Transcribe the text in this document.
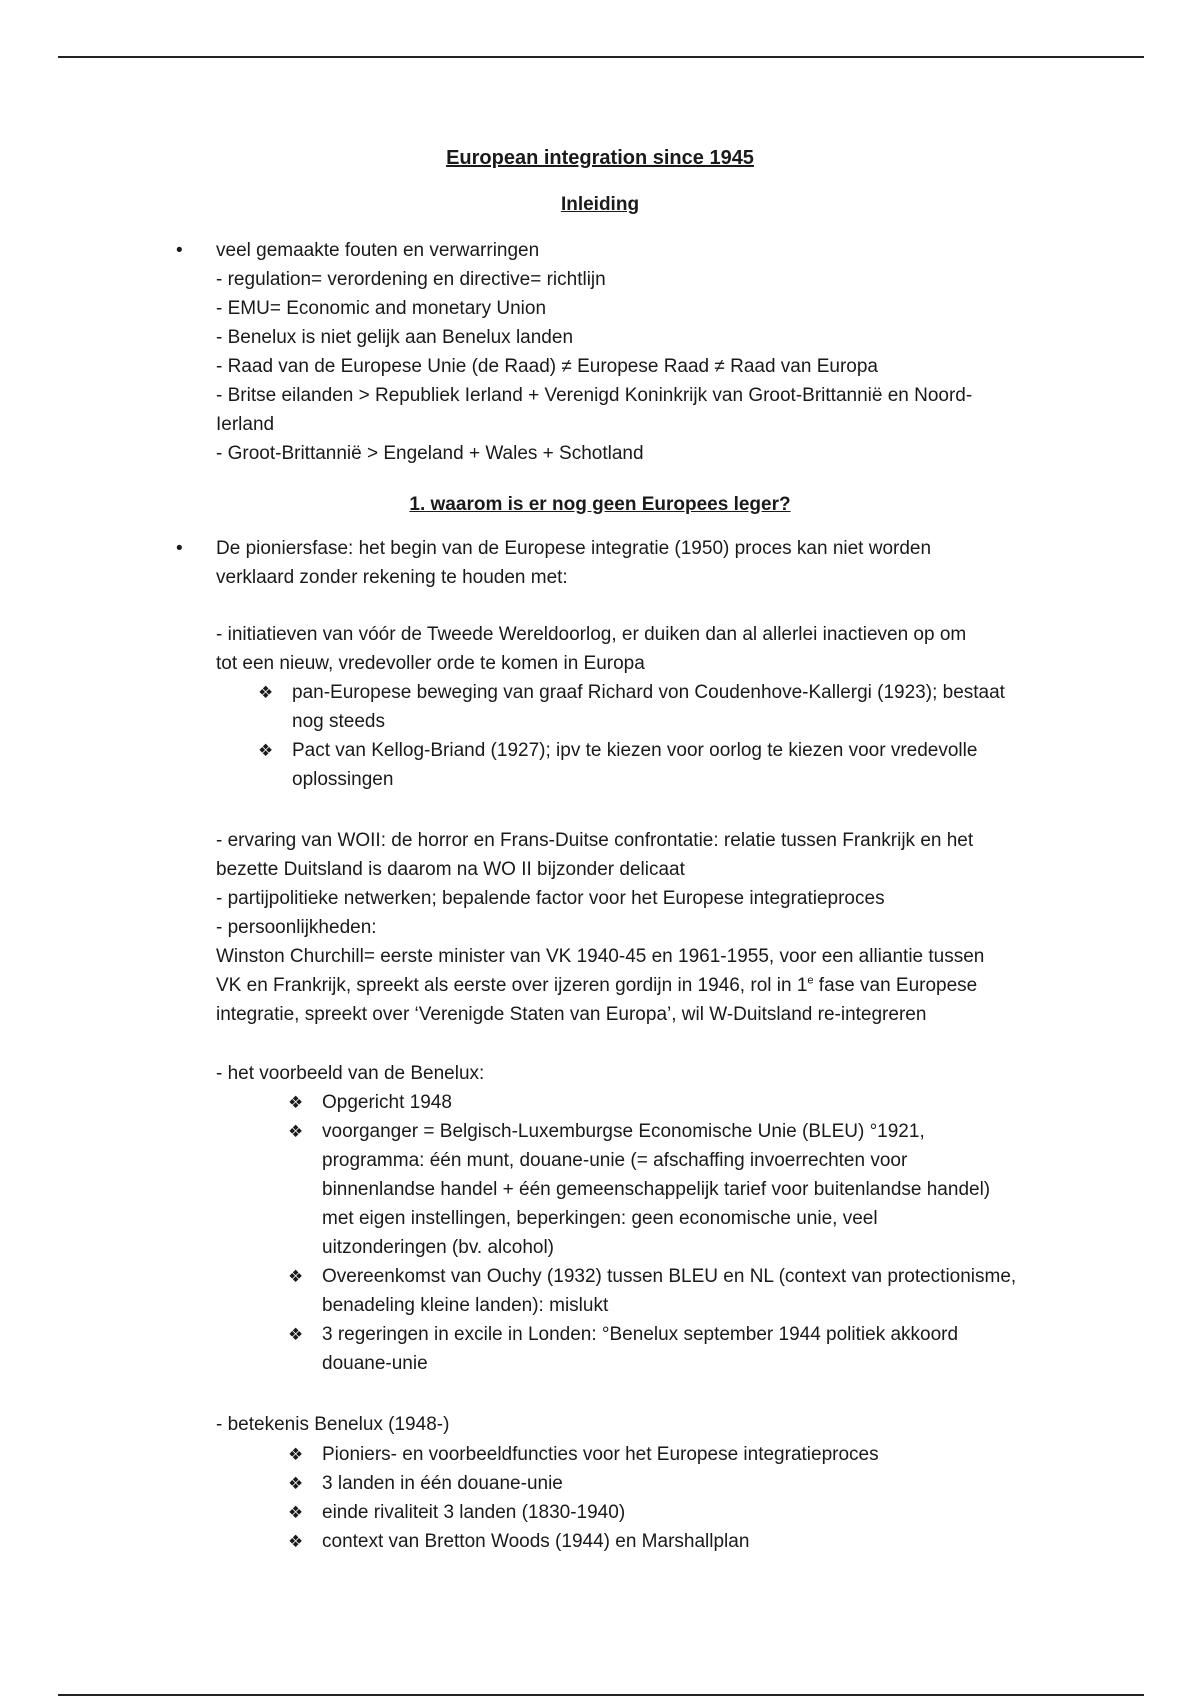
European integration since 1945
Inleiding
• veel gemaakte fouten en verwarringen

- regulation= verordening en directive= richtlijn

- EMU= Economic and monetary Union

- Benelux is niet gelijk aan Benelux landen

- Raad van de Europese Unie (de Raad) ≠ Europese Raad ≠ Raad van Europa

- Britse eilanden > Republiek Ierland + Verenigd Koninkrijk van Groot-Brittannië en Noord-

Ierland

- Groot-Brittannië > Engeland + Wales + Schotland

1. waarom is er nog geen Europees leger?
• De pioniersfase: het begin van de Europese integratie (1950) proces kan niet worden

verklaard zonder rekening te houden met:

- initiatieven van vóór de Tweede Wereldoorlog, er duiken dan al allerlei inactieven op om

tot een nieuw, vredevoller orde te komen in Europa

❖ pan-Europese beweging van graaf Richard von Coudenhove-Kallergi (1923); bestaat

nog steeds

❖ Pact van Kellog-Briand (1927); ipv te kiezen voor oorlog te kiezen voor vredevolle

oplossingen

- ervaring van WOII: de horror en Frans-Duitse confrontatie: relatie tussen Frankrijk en het

bezette Duitsland is daarom na WO II bijzonder delicaat

- partijpolitieke netwerken; bepalende factor voor het Europese integratieproces

- persoonlijkheden:

Winston Churchill= eerste minister van VK 1940-45 en 1961-1955, voor een alliantie tussen

VK en Frankrijk, spreekt als eerste over ijzeren gordijn in 1946, rol in 1e fase van Europese

integratie, spreekt over ‘Verenigde Staten van Europa’, wil W-Duitsland re-integreren

- het voorbeeld van de Benelux:

❖ Opgericht 1948

❖ voorganger = Belgisch-Luxemburgse Economische Unie (BLEU) °1921,

programma: één munt, douane-unie (= afschaffing invoerrechten voor

binnenlandse handel + één gemeenschappelijk tarief voor buitenlandse handel)

met eigen instellingen, beperkingen: geen economische unie, veel

uitzonderingen (bv. alcohol)

❖ Overeenkomst van Ouchy (1932) tussen BLEU en NL (context van protectionisme,

benadeling kleine landen): mislukt

❖ 3 regeringen in excile in Londen: °Benelux september 1944 politiek akkoord

douane-unie

- betekenis Benelux (1948-)

❖ Pioniers- en voorbeeldfuncties voor het Europese integratieproces

❖ 3 landen in één douane-unie

❖ einde rivaliteit 3 landen (1830-1940)

❖ context van Bretton Woods (1944) en Marshallplan
